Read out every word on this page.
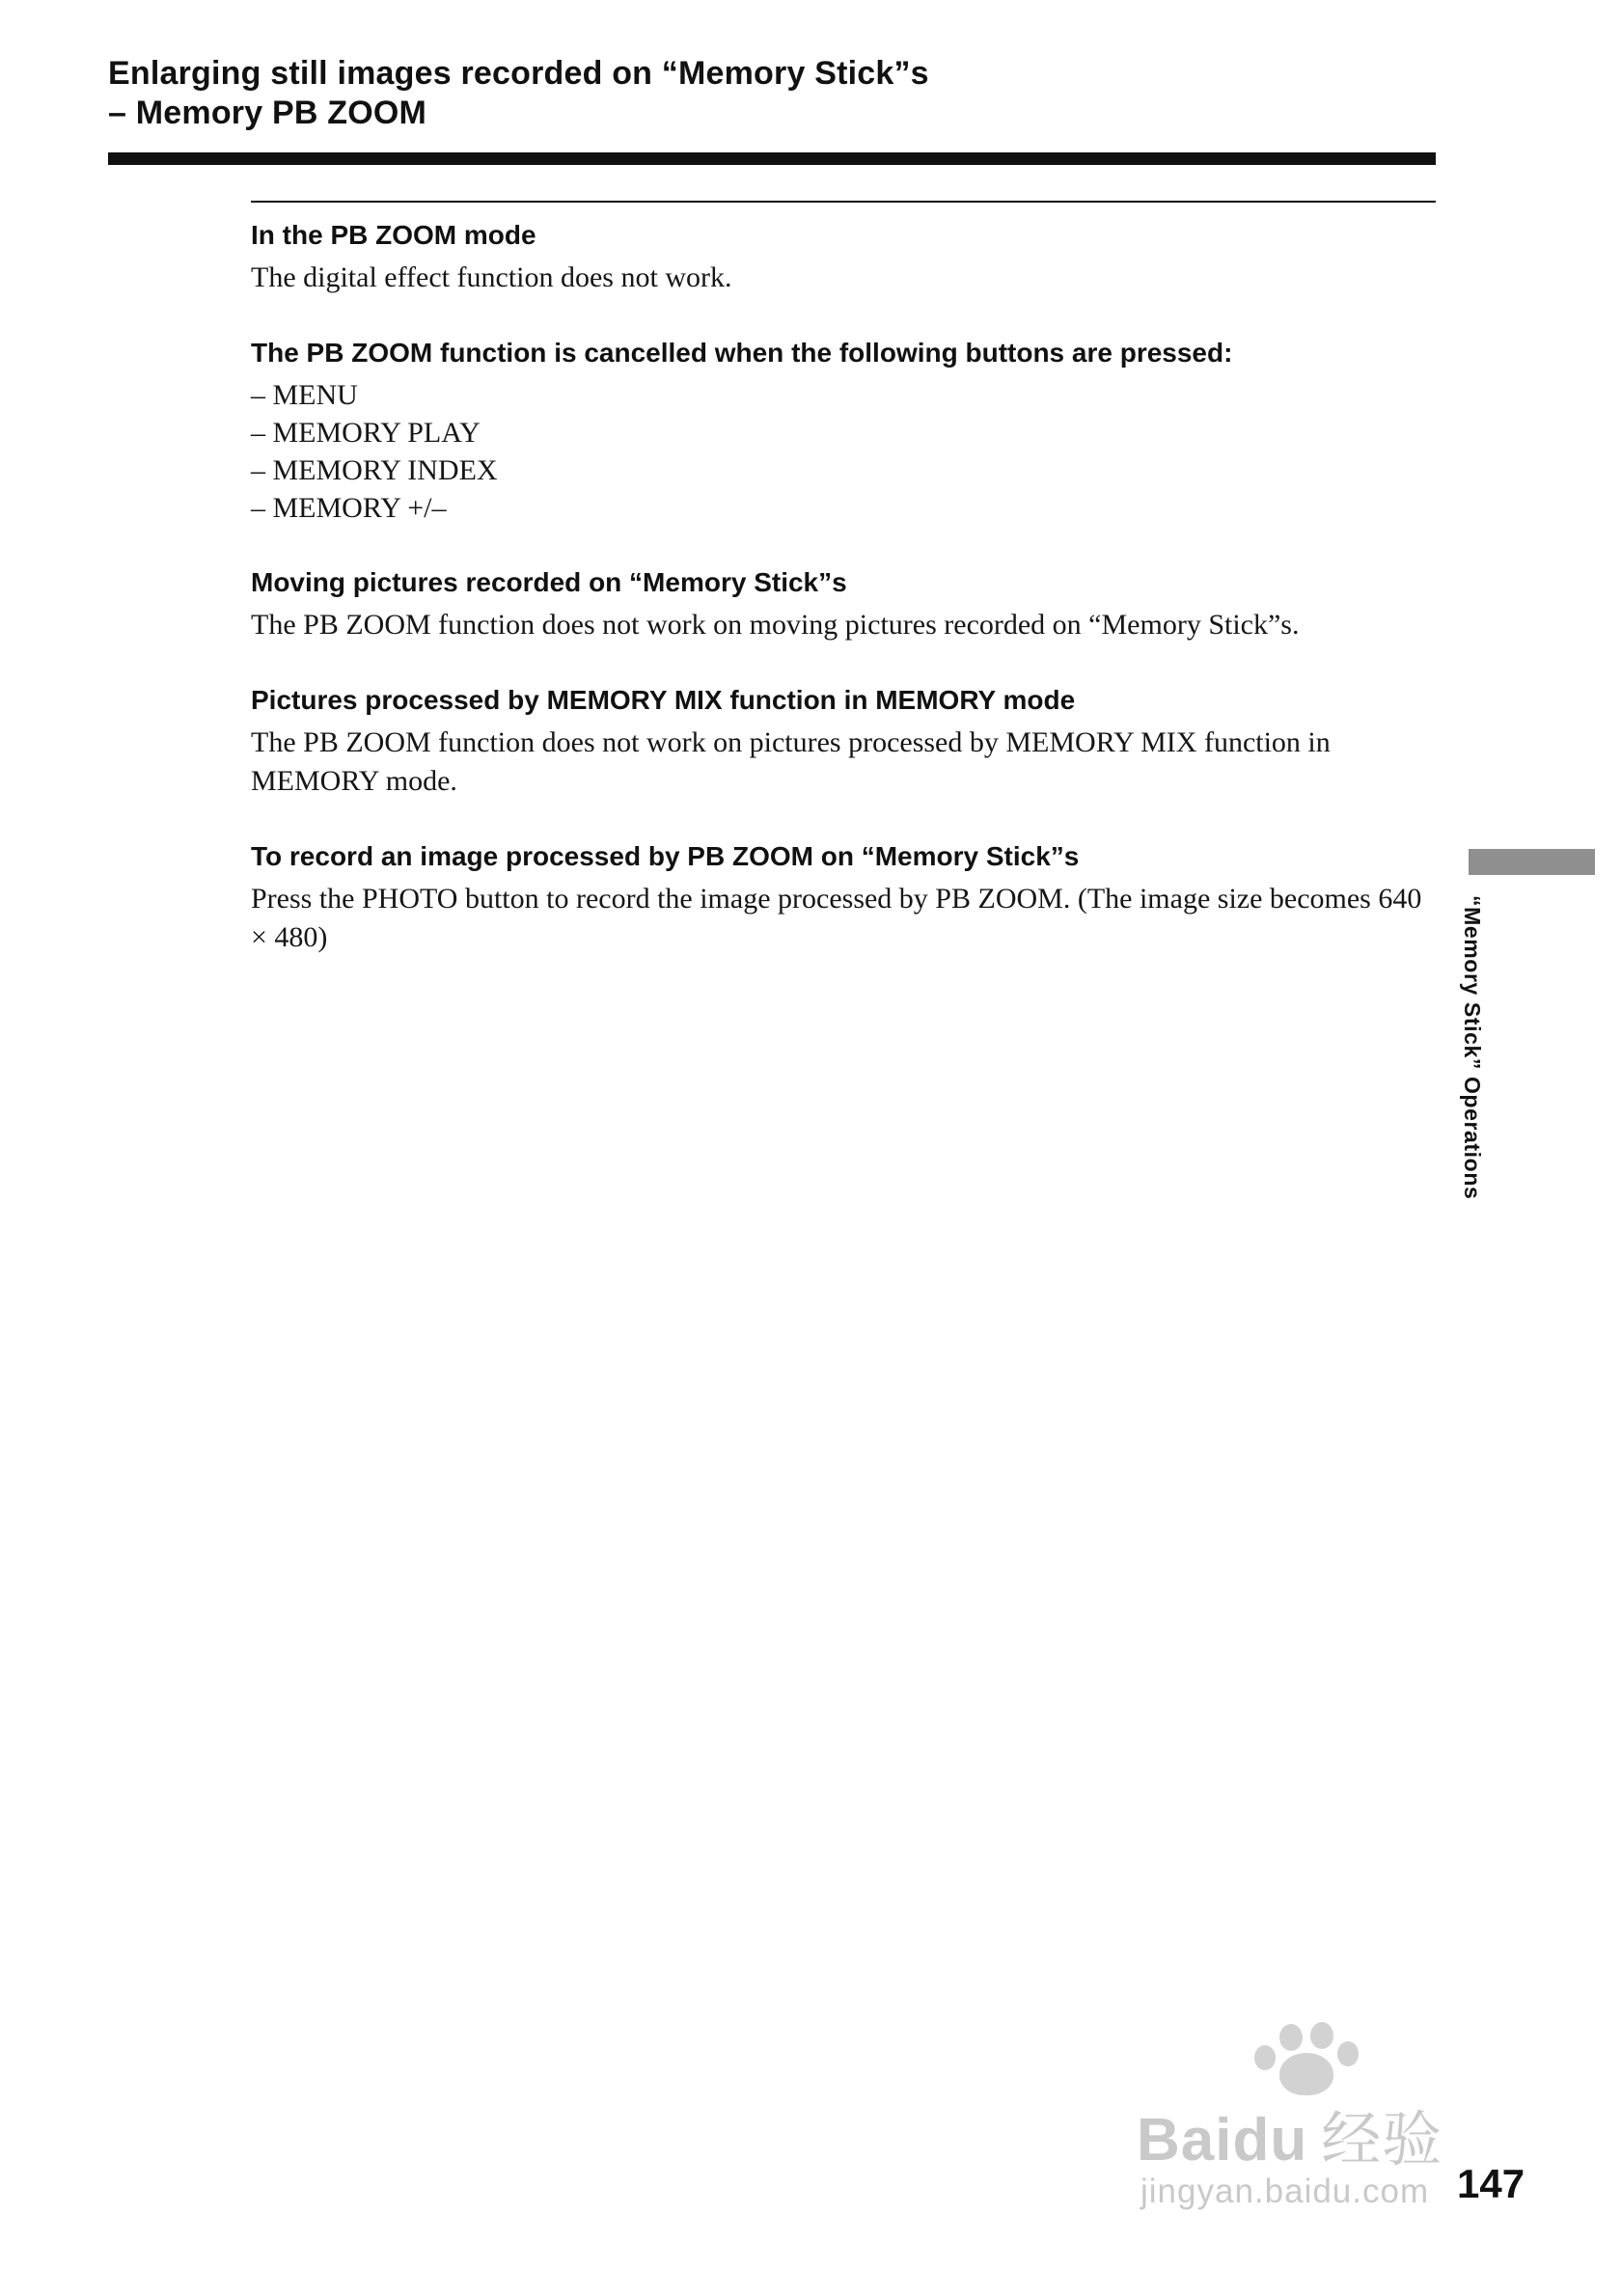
Enlarging still images recorded on “Memory Stick”s
– Memory PB ZOOM
In the PB ZOOM mode

The digital effect function does not work.

The PB ZOOM function is cancelled when the following buttons are pressed:
– MENU
– MEMORY PLAY
– MEMORY INDEX
– MEMORY +/–
Moving pictures recorded on “Memory Stick”s

The PB ZOOM function does not work on moving pictures recorded on “Memory Stick”s.

Pictures processed by MEMORY MIX function in MEMORY mode

The PB ZOOM function does not work on pictures processed by MEMORY MIX function in MEMORY mode.

To record an image processed by PB ZOOM on “Memory Stick”s

Press the PHOTO button to record the image processed by PB ZOOM. (The image size becomes 640 × 480)	“Memory Stick” Operations
Baidu 经验
jingyan.baidu.com 147
